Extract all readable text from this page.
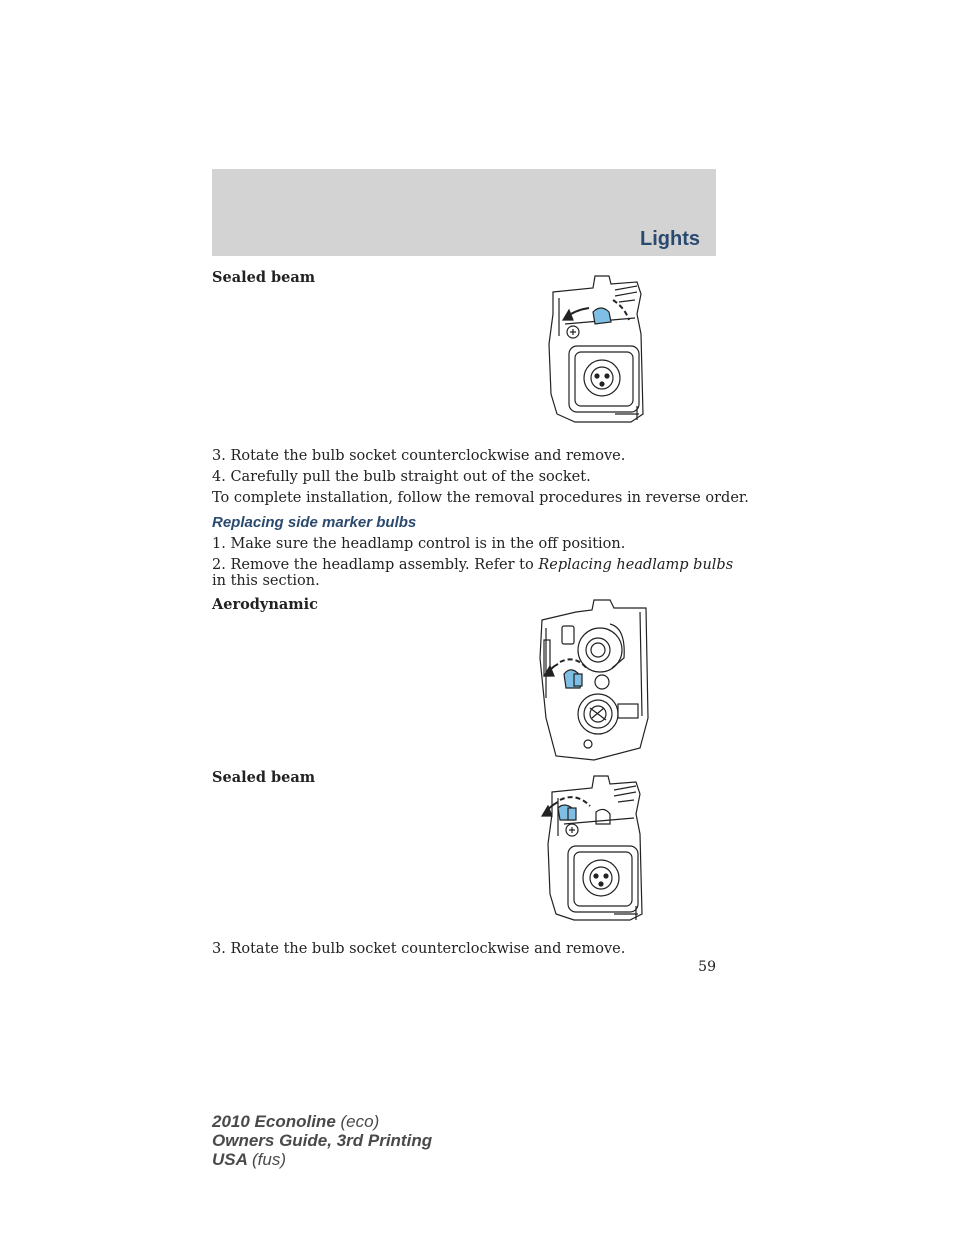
Lights
Sealed beam
3. Rotate the bulb socket counterclockwise and remove.
4. Carefully pull the bulb straight out of the socket.
To complete installation, follow the removal procedures in reverse order.
Replacing side marker bulbs
1. Make sure the headlamp control is in the off position.
2. Remove the headlamp assembly. Refer to Replacing headlamp bulbs
in this section.
Aerodynamic
Sealed beam
3. Rotate the bulb socket counterclockwise and remove.
59
2010 Econoline (eco)
Owners Guide, 3rd Printing
USA (fus)
